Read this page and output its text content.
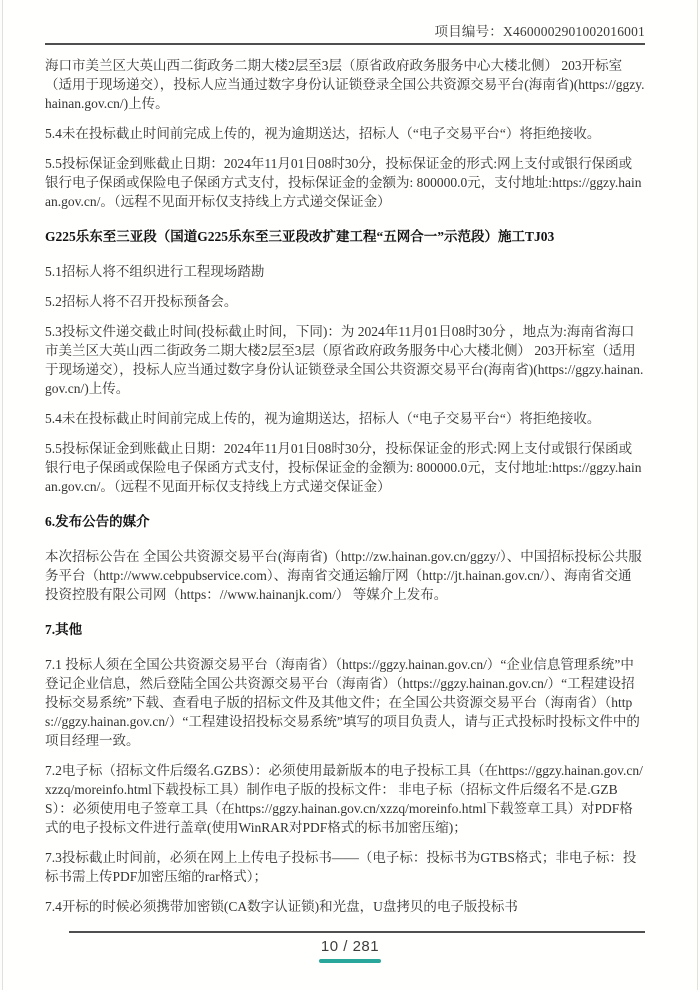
项目编号：X4600002901002016001
海口市美兰区大英山西二街政务二期大楼2层至3层（原省政府政务服务中心大楼北侧） 203开标室（适用于现场递交），投标人应当通过数字身份认证锁登录全国公共资源交易平台(海南省)(https://ggzy.hainan.gov.cn/)上传。
5.4未在投标截止时间前完成上传的，视为逾期送达，招标人（“电子交易平台“）将拒绝接收。
5.5投标保证金到账截止日期：2024年11月01日08时30分，投标保证金的形式:网上支付或银行保函或银行电子保函或保险电子保函方式支付，投标保证金的金额为: 800000.0元，支付地址:https://ggzy.hainan.gov.cn/。（远程不见面开标仅支持线上方式递交保证金）
G225乐东至三亚段（国道G225乐东至三亚段改扩建工程“五网合一”示范段）施工TJ03
5.1招标人将不组织进行工程现场踏勘
5.2招标人将不召开投标预备会。
5.3投标文件递交截止时间(投标截止时间，下同)：为 2024年11月01日08时30分 ，地点为:海南省海口市美兰区大英山西二街政务二期大楼2层至3层（原省政府政务服务中心大楼北侧） 203开标室（适用于现场递交），投标人应当通过数字身份认证锁登录全国公共资源交易平台(海南省)(https://ggzy.hainan.gov.cn/)上传。
5.4未在投标截止时间前完成上传的，视为逾期送达，招标人（“电子交易平台“）将拒绝接收。
5.5投标保证金到账截止日期：2024年11月01日08时30分，投标保证金的形式:网上支付或银行保函或银行电子保函或保险电子保函方式支付，投标保证金的金额为: 800000.0元，支付地址:https://ggzy.hainan.gov.cn/。（远程不见面开标仅支持线上方式递交保证金）
6.发布公告的媒介
本次招标公告在 全国公共资源交易平台(海南省)（http://zw.hainan.gov.cn/ggzy/）、中国招标投标公共服务平台（http://www.cebpubservice.com）、海南省交通运输厅网（http://jt.hainan.gov.cn/）、海南省交通投资控股有限公司网（https：//www.hainanjk.com/） 等媒介上发布。
7.其他
7.1 投标人须在全国公共资源交易平台（海南省）（https://ggzy.hainan.gov.cn/）“企业信息管理系统”中登记企业信息，然后登陆全国公共资源交易平台（海南省）（https://ggzy.hainan.gov.cn/）“工程建设招投标交易系统”下载、查看电子版的招标文件及其他文件；在全国公共资源交易平台（海南省）（https://ggzy.hainan.gov.cn/）“工程建设招投标交易系统”填写的项目负责人，请与正式投标时投标文件中的项目经理一致。
7.2电子标（招标文件后缀名.GZBS）：必须使用最新版本的电子投标工具（在https://ggzy.hainan.gov.cn/xzzq/moreinfo.html下载投标工具）制作电子版的投标文件： 非电子标（招标文件后缀名不是.GZBS）：必须使用电子签章工具（在https://ggzy.hainan.gov.cn/xzzq/moreinfo.html下载签章工具）对PDF格式的电子投标文件进行盖章(使用WinRAR对PDF格式的标书加密压缩)；
7.3投标截止时间前，必须在网上上传电子投标书——（电子标：投标书为GTBS格式；非电子标：投标书需上传PDF加密压缩的rar格式）；
7.4开标的时候必须携带加密锁(CA数字认证锁)和光盘，U盘拷贝的电子版投标书
10 / 281
